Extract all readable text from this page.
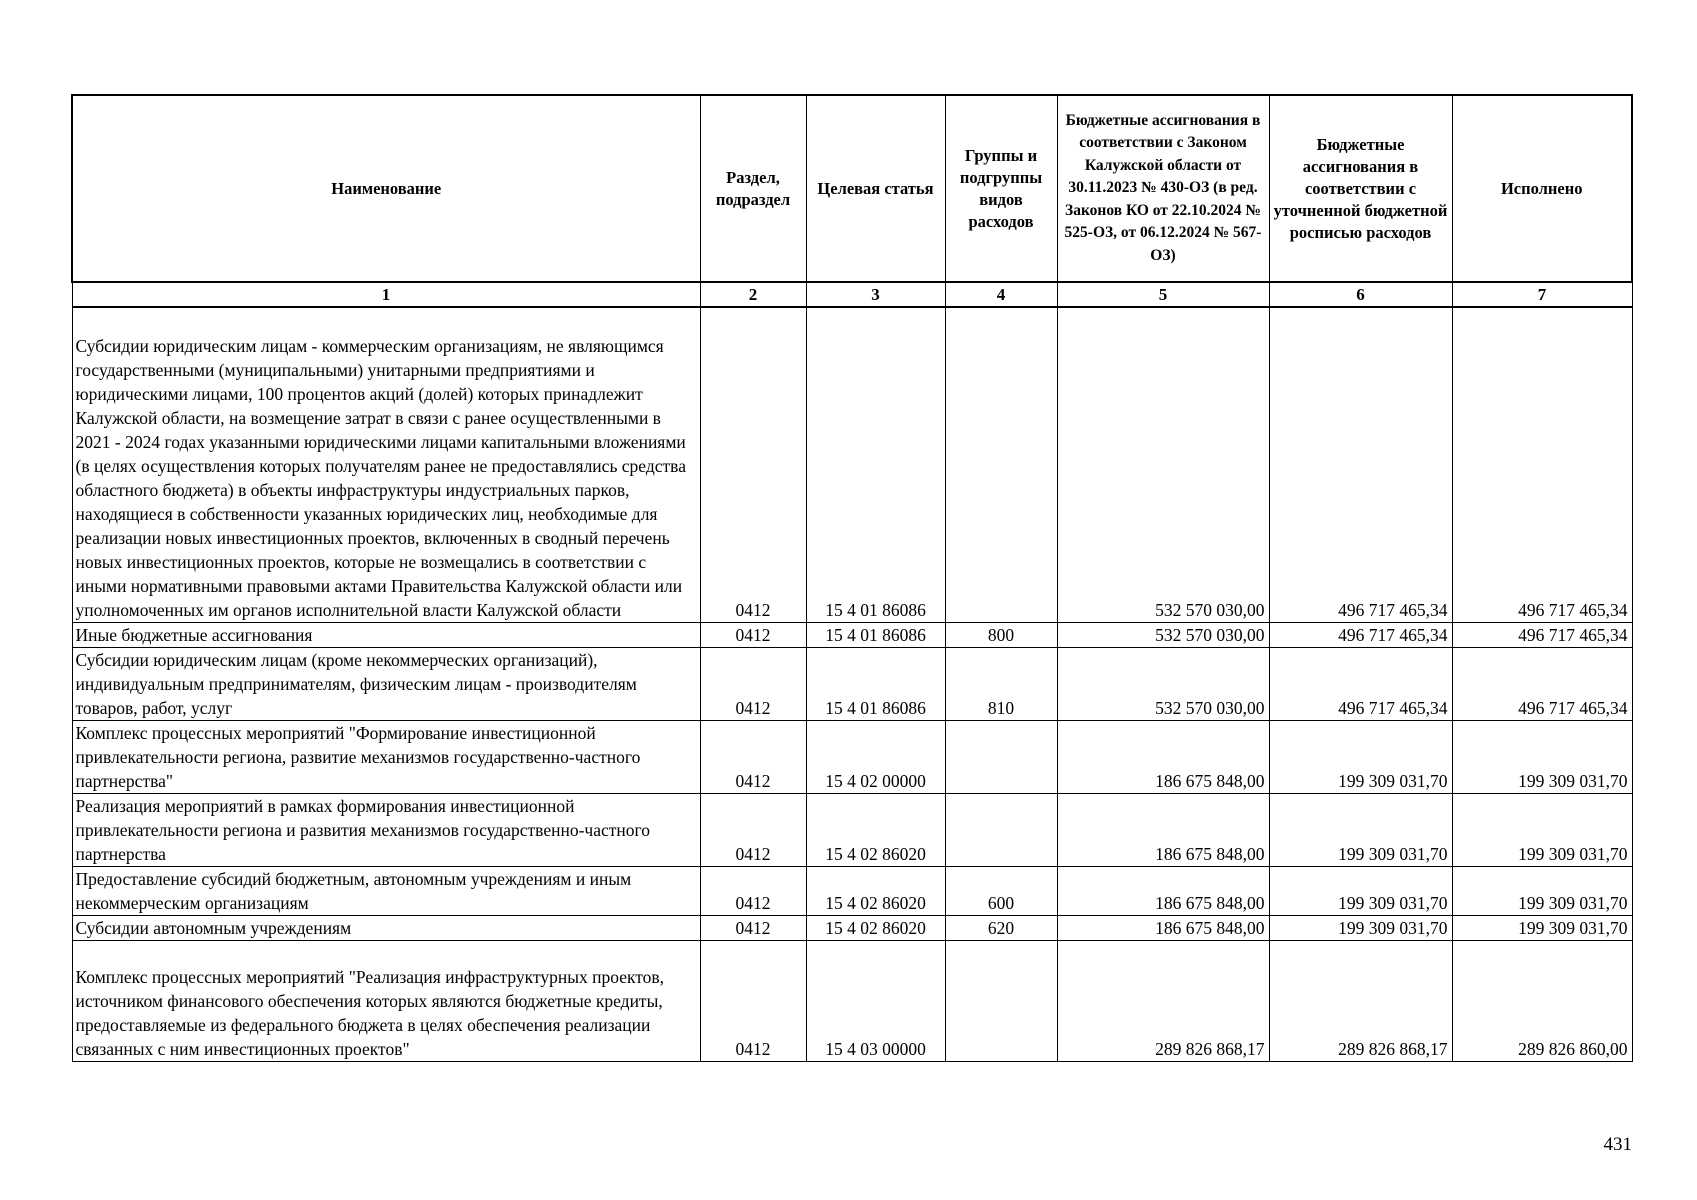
Наименование	Раздел, подраздел	Целевая статья	Группы и подгруппы видов расходов	Бюджетные ассигнования в соответствии с Законом Калужской области от 30.11.2023 № 430-ОЗ (в ред. Законов КО от 22.10.2024 № 525-ОЗ, от 06.12.2024 № 567-ОЗ)	Бюджетные ассигнования в соответствии с уточненной бюджетной росписью расходов	Исполнено
1	2	3	4	5	6	7
Субсидии юридическим лицам - коммерческим организациям, не являющимся государственными (муниципальными) унитарными предприятиями и юридическими лицами, 100 процентов акций (долей) которых принадлежит Калужской области, на возмещение затрат в связи с ранее осуществленными в 2021 - 2024 годах указанными юридическими лицами капитальными вложениями (в целях осуществления которых получателям ранее не предоставлялись средства областного бюджета) в объекты инфраструктуры индустриальных парков, находящиеся в собственности указанных юридических лиц, необходимые для реализации новых инвестиционных проектов, включенных в сводный перечень новых инвестиционных проектов, которые не возмещались в соответствии с иными нормативными правовыми актами Правительства Калужской области или уполномоченных им органов исполнительной власти Калужской области	0412	15 4 01 86086		532 570 030,00	496 717 465,34	496 717 465,34
Иные бюджетные ассигнования	0412	15 4 01 86086	800	532 570 030,00	496 717 465,34	496 717 465,34
Субсидии юридическим лицам (кроме некоммерческих организаций), индивидуальным предпринимателям, физическим лицам - производителям товаров, работ, услуг	0412	15 4 01 86086	810	532 570 030,00	496 717 465,34	496 717 465,34
Комплекс процессных мероприятий "Формирование инвестиционной привлекательности региона, развитие механизмов государственно-частного партнерства"	0412	15 4 02 00000		186 675 848,00	199 309 031,70	199 309 031,70
Реализация мероприятий в рамках формирования инвестиционной привлекательности региона и развития механизмов государственно-частного партнерства	0412	15 4 02 86020		186 675 848,00	199 309 031,70	199 309 031,70
Предоставление субсидий бюджетным, автономным учреждениям и иным некоммерческим организациям	0412	15 4 02 86020	600	186 675 848,00	199 309 031,70	199 309 031,70
Субсидии автономным учреждениям	0412	15 4 02 86020	620	186 675 848,00	199 309 031,70	199 309 031,70
Комплекс процессных мероприятий "Реализация инфраструктурных проектов, источником финансового обеспечения которых являются бюджетные кредиты, предоставляемые из федерального бюджета в целях обеспечения реализации связанных с ним инвестиционных проектов"	0412	15 4 03 00000		289 826 868,17	289 826 868,17	289 826 860,00
431
